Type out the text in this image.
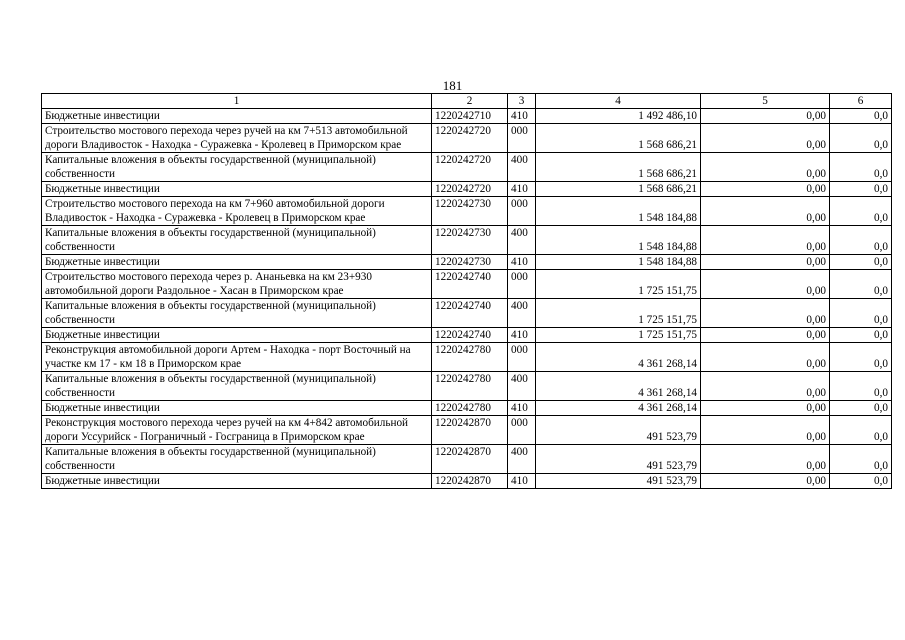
181
1	2	3	4	5	6
Бюджетные инвестиции	1220242710	410	1 492 486,10	0,00	0,0
Строительство мостового перехода через ручей на км 7+513 автомобильной дороги Владивосток - Находка - Суражевка - Кролевец в Приморском крае	1220242720	000	1 568 686,21	0,00	0,0
Капитальные вложения в объекты государственной (муниципальной) собственности	1220242720	400	1 568 686,21	0,00	0,0
Бюджетные инвестиции	1220242720	410	1 568 686,21	0,00	0,0
Строительство мостового перехода на км 7+960 автомобильной дороги Владивосток - Находка - Суражевка - Кролевец в Приморском крае	1220242730	000	1 548 184,88	0,00	0,0
Капитальные вложения в объекты государственной (муниципальной) собственности	1220242730	400	1 548 184,88	0,00	0,0
Бюджетные инвестиции	1220242730	410	1 548 184,88	0,00	0,0
Строительство мостового перехода через р. Ананьевка на км 23+930 автомобильной дороги Раздольное - Хасан в Приморском крае	1220242740	000	1 725 151,75	0,00	0,0
Капитальные вложения в объекты государственной (муниципальной) собственности	1220242740	400	1 725 151,75	0,00	0,0
Бюджетные инвестиции	1220242740	410	1 725 151,75	0,00	0,0
Реконструкция автомобильной дороги Артем - Находка - порт Восточный на участке км 17 - км 18 в Приморском крае	1220242780	000	4 361 268,14	0,00	0,0
Капитальные вложения в объекты государственной (муниципальной) собственности	1220242780	400	4 361 268,14	0,00	0,0
Бюджетные инвестиции	1220242780	410	4 361 268,14	0,00	0,0
Реконструкция мостового перехода через ручей на км 4+842 автомобильной дороги Уссурийск - Пограничный - Госграница в Приморском крае	1220242870	000	491 523,79	0,00	0,0
Капитальные вложения в объекты государственной (муниципальной) собственности	1220242870	400	491 523,79	0,00	0,0
Бюджетные инвестиции	1220242870	410	491 523,79	0,00	0,0
